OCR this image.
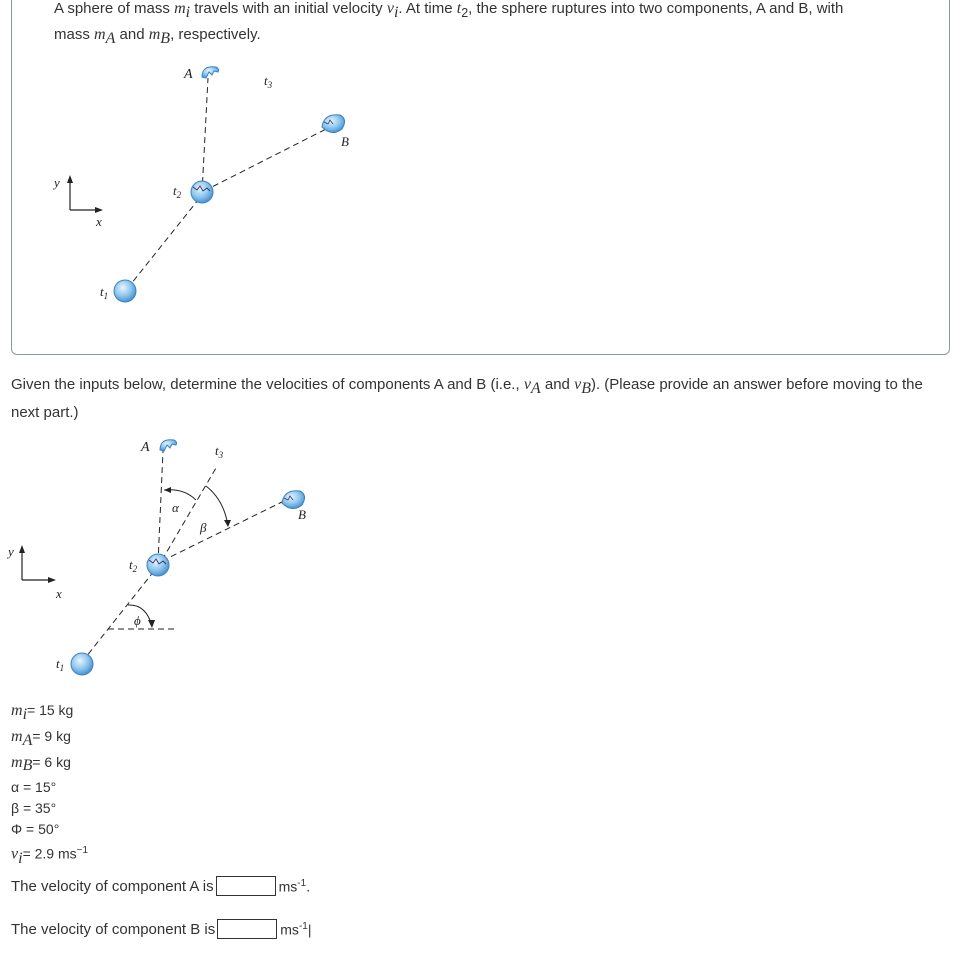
A sphere of mass $m_i$ travels with an initial velocity $v_i$. At time $t_2$, the sphere ruptures into two components, A and B, with
mass $m_A$ and $m_B$, respectively.
y
x
A
B
$t_1$
$t_2$
$t_3$
Given the inputs below, determine the velocities of components A and B (i.e., $v_A$ and $v_B$). (Please provide an answer before moving to the next part.)
y
x
A
B
$t_1$
$t_2$
$t_3$
α
β
ϕ
$m_i= 15$ kg
$m_A= 9$ kg
$m_B= 6$ kg
α = 15°
β = 35°
Φ = 50°
$v_i= 2.9$ $ms^{-1}$
The velocity of component A is	$ms^{-1}$.
The velocity of component B is	$ms^{-1}|$
